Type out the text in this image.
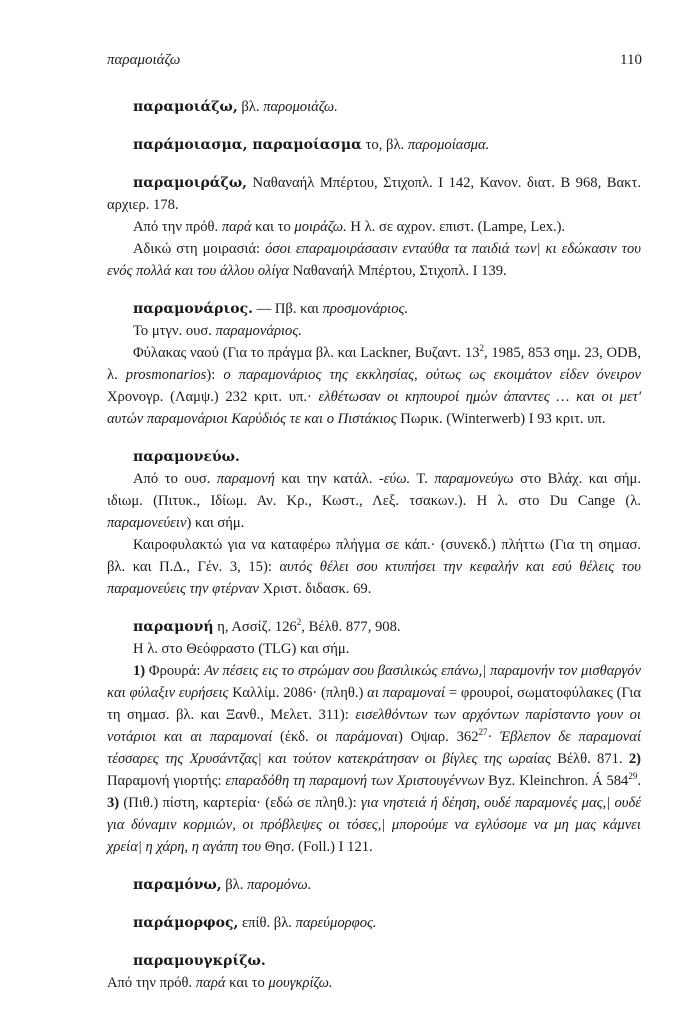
παραμοιάζω	110

παραμοιάζω, βλ. παρομοιάζω.

παράμοιασμα, παραμοίασμα το, βλ. παρομοίασμα.

παραμοιράζω, Ναθαναήλ Μπέρτου, Στιχοπλ. Ι 142, Κανον. διατ. Β 968, Βακτ. αρχιερ. 178.

Από την πρόθ. παρά και το μοιράζω. Η λ. σε αχρον. επιστ. (Lampe, Lex.).

Αδικώ στη μοιρασιά: όσοι επαραμοιράσασιν ενταύθα τα παιδιά των| κι εδώκασιν του ενός πολλά και του άλλου ολίγα Ναθαναήλ Μπέρτου, Στιχοπλ. Ι 139.

παραμονάριος. — Πβ. και προσμονάριος.

Το μτγν. ουσ. παραμονάριος.

Φύλακας ναού (Για το πράγμα βλ. και Lackner, Βυζαντ. $13^2$, 1985, 853 σημ. 23, ODB, λ. prosmonarios): ο παραμονάριος της εκκλησίας, ούτως ως εκοιμάτον είδεν όνειρον Χρονογρ. (Λαμψ.) 232 κριτ. υπ.· ελθέτωσαν οι κηπουροί ημών άπαντες … και οι μετ' αυτών παραμονάριοι Καρύδιός τε και ο Πιστάκιος Πωρικ. (Winterwerb) Ι 93 κριτ. υπ.

παραμονεύω.

Από το ουσ. παραμονή και την κατάλ. -εύω. Τ. παραμονεύγω στο Βλάχ. και σήμ. ιδιωμ. (Πιτυκ., Ιδίωμ. Αν. Κρ., Κωστ., Λεξ. τσακων.). Η λ. στο Du Cange (λ. παραμονεύειν) και σήμ.

Καιροφυλακτώ για να καταφέρω πλήγμα σε κάπ.· (συνεκδ.) πλήττω (Για τη σημασ. βλ. και Π.Δ., Γέν. 3, 15): αυτός θέλει σου κτυπήσει την κεφαλήν και εσύ θέλεις του παραμονεύεις την φτέρναν Χριστ. διδασκ. 69.

παραμονή η, Ασσίζ. $126^2$, Βέλθ. 877, 908.

Η λ. στο Θεόφραστο (TLG) και σήμ.

1) Φρουρά: Αν πέσεις εις το στρώμαν σου βασιλικώς επάνω,| παραμονήν τον μισθαργόν και φύλαξιν ευρήσεις Καλλίμ. 2086· (πληθ.) αι παραμοναί = φρουροί, σωματοφύλακες (Για τη σημασ. βλ. και Ξανθ., Μελετ. 311): εισελθόντων των αρχόντων παρίσταντο γουν οι νοτάριοι και αι παραμοναί (έκδ. οι παράμοναι) Οψαρ. $362^{27}\cdot Έ\beta\lambda\varepsilon\pi o\nu$ δε παραμοναί τέσσαρες της Χρυσάντζας| και τούτον κατεκράτησαν οι βίγλες της ωραίας Βέλθ. 871. 2) Παραμονή γιορτής: επαραδόθη τη παραμονή των Χριστουγέννων Byz. Kleinchron. Á $584^{29}$. 3) (Πιθ.) πίστη, καρτερία· (εδώ σε πληθ.): για νηστειά ή δέηση, ουδέ παραμονές μας,| ουδέ για δύναμιν κορμιών, οι πρόβλεψες οι τόσες,| μπορούμε να εγλύσομε να μη μας κάμνει χρεία| η χάρη, η αγάπη του Θησ. (Foll.) Ι 121.

παραμόνω, βλ. παρομόνω.

παράμορφος, επίθ. βλ. παρεύμορφος.

παραμουγκρίζω.

Από την πρόθ. παρά και το μουγκρίζω.
